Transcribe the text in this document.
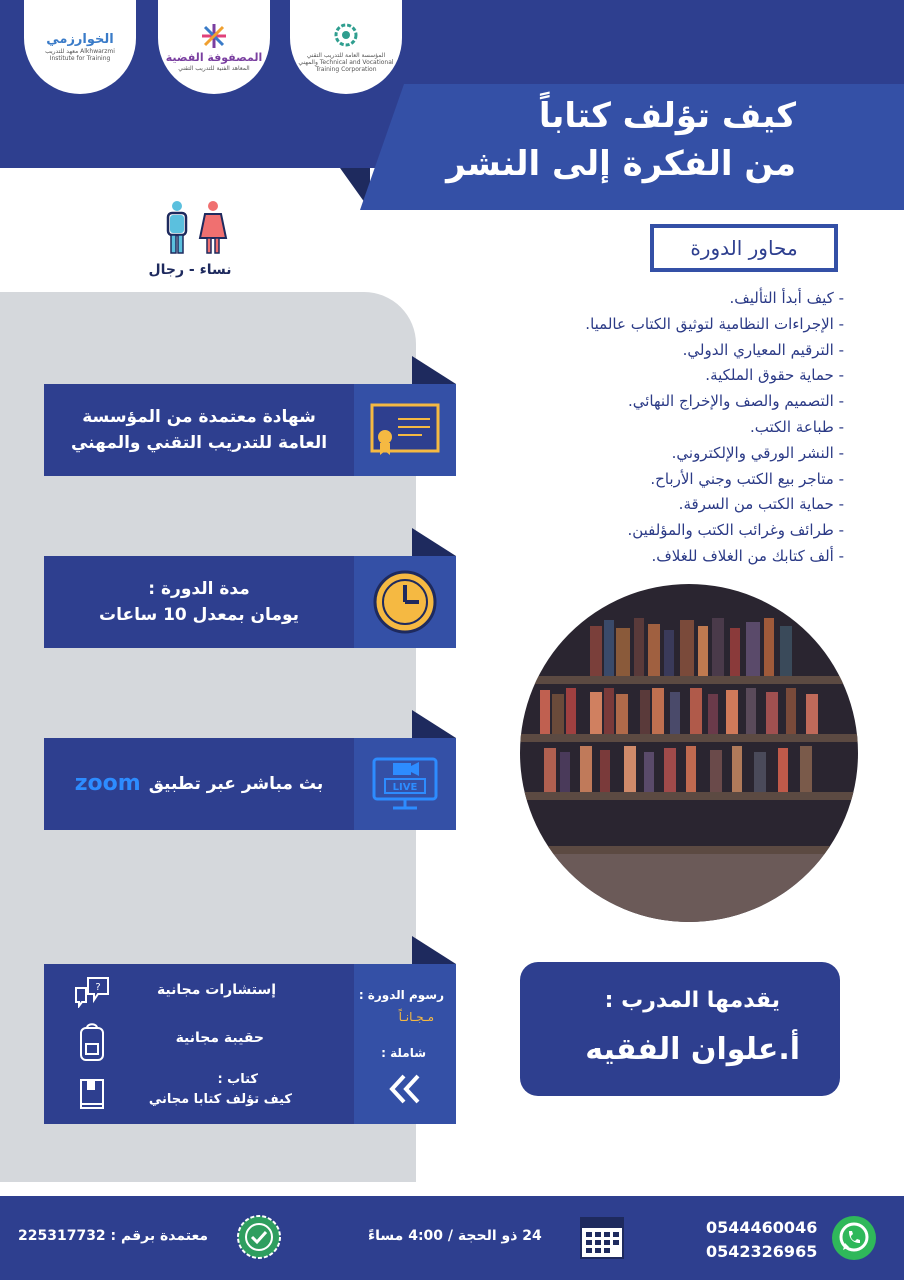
الخوارزمي
معهد للتدريب Alkhwarzmi Institute for Training	المصفوفة الفضية
المعاهد الفنية للتدريب التقني
المؤسسة العامة للتدريب التقني والمهني Technical and Vocational Training Corporation
كيف تؤلف كتاباً
من الفكرة إلى النشر
نساء - رجال
محاور الدورة
- كيف أبدأ التأليف.
- الإجراءات النظامية لتوثيق الكتاب عالميا.
- الترقيم المعياري الدولي.
- حماية حقوق الملكية.
- التصميم والصف والإخراج النهائي.
- طباعة الكتب.
- النشر الورقي والإلكتروني.
- متاجر بيع الكتب وجني الأرباح.
- حماية الكتب من السرقة.
- طرائف وغرائب الكتب والمؤلفين.
- ألف كتابك من الغلاف للغلاف.
يقدمها المدرب :
أ.علوان الفقيه
شهادة معتمدة من المؤسسة
العامة للتدريب التقني والمهني
مدة الدورة :
يومان بمعدل 10 ساعات
بث مباشر عبر تطبيق
zoom	LIVE
إستشارات مجانية
?
حقيبة مجانية
كتاب :
كيف تؤلف كتابا مجاني
رسوم الدورة :
مـجـانـاً
شاملة :
معتمدة برقم : 225317732	24 ذو الحجة / 4:00 مساءً	0544460046
0542326965
